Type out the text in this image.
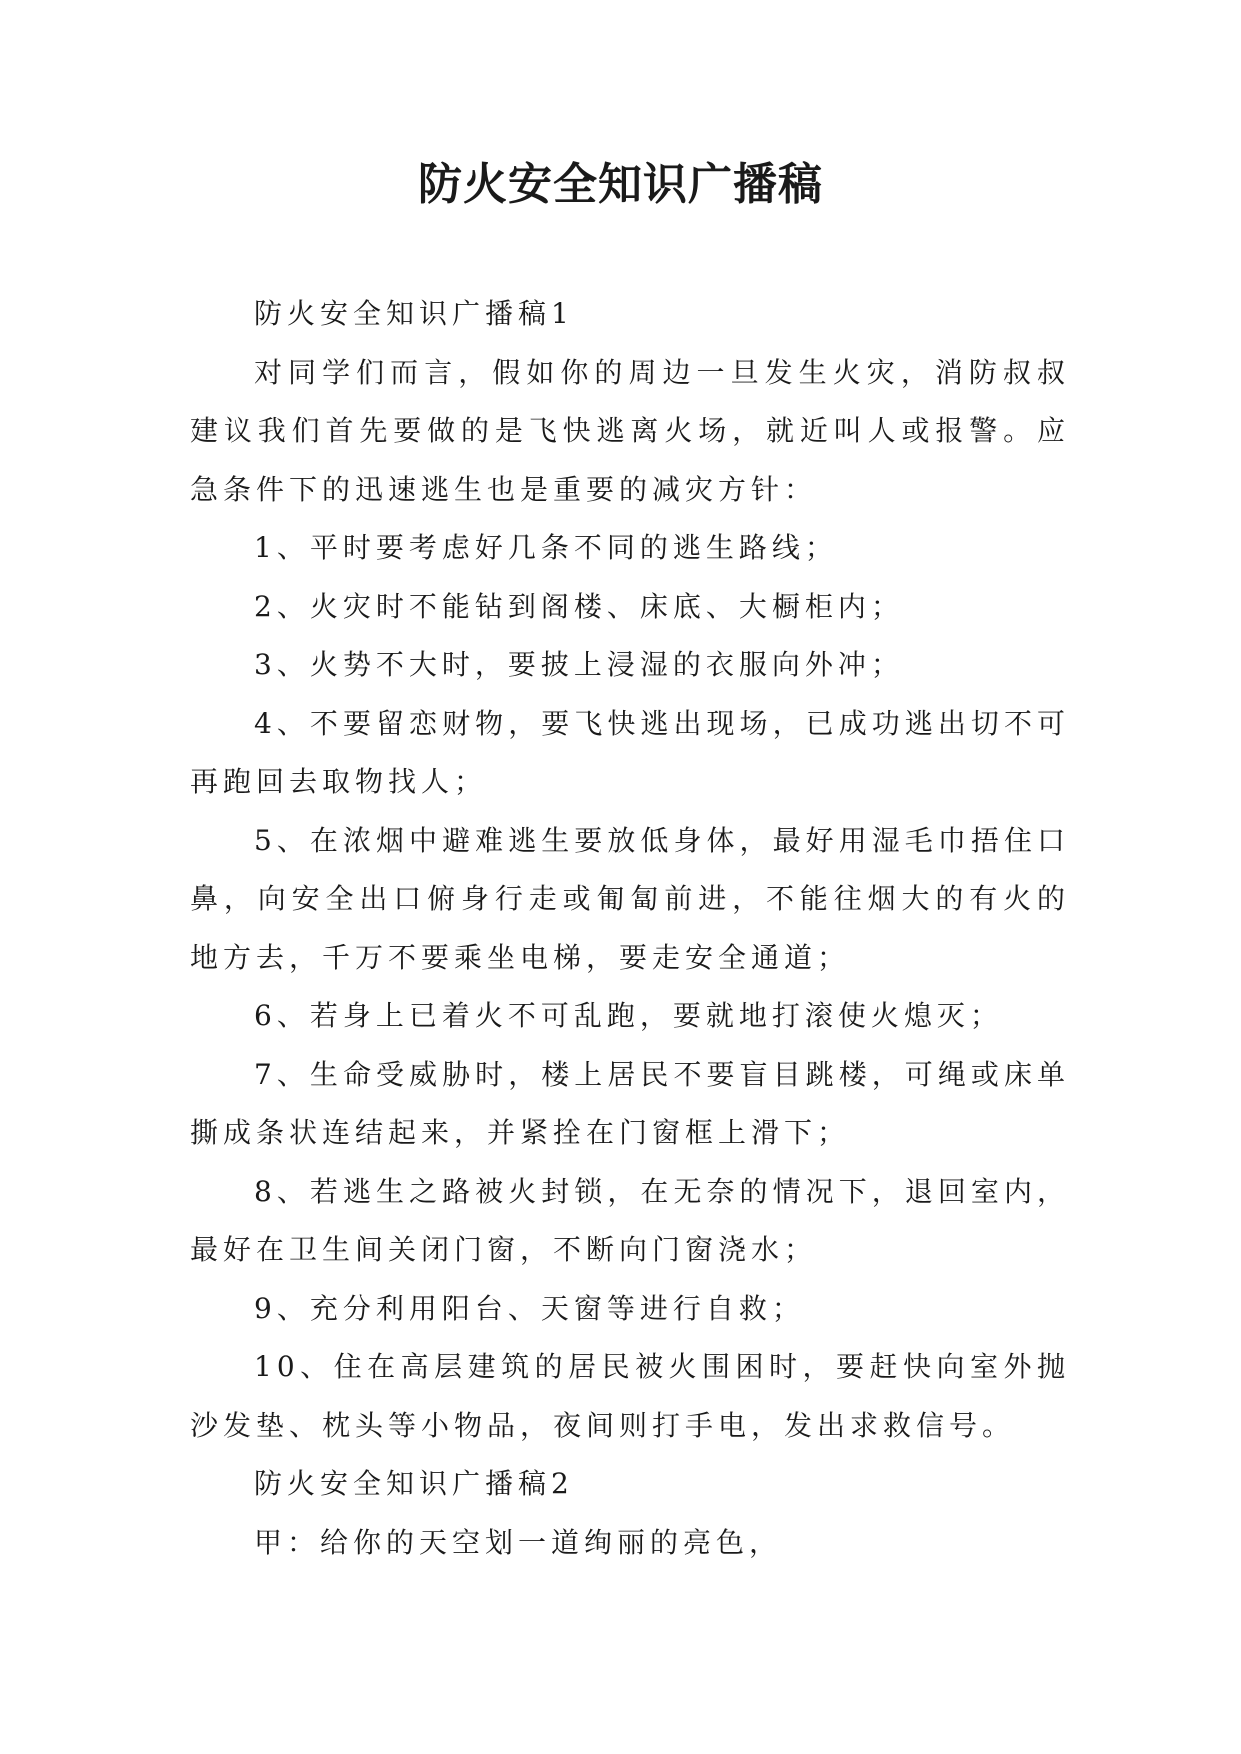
防火安全知识广播稿

防火安全知识广播稿1

对同学们而言，假如你的周边一旦发生火灾，消防叔叔建议我们首先要做的是飞快逃离火场，就近叫人或报警。应急条件下的迅速逃生也是重要的减灾方针：

1、平时要考虑好几条不同的逃生路线；

2、火灾时不能钻到阁楼、床底、大橱柜内；

3、火势不大时，要披上浸湿的衣服向外冲；

4、不要留恋财物，要飞快逃出现场，已成功逃出切不可再跑回去取物找人；

5、在浓烟中避难逃生要放低身体，最好用湿毛巾捂住口鼻，向安全出口俯身行走或匍匐前进，不能往烟大的有火的地方去，千万不要乘坐电梯，要走安全通道；

6、若身上已着火不可乱跑，要就地打滚使火熄灭；

7、生命受威胁时，楼上居民不要盲目跳楼，可绳或床单撕成条状连结起来，并紧拴在门窗框上滑下；

8、若逃生之路被火封锁，在无奈的情况下，退回室内，最好在卫生间关闭门窗，不断向门窗浇水；

9、充分利用阳台、天窗等进行自救；

10、住在高层建筑的居民被火围困时，要赶快向室外抛沙发垫、枕头等小物品，夜间则打手电，发出求救信号。

防火安全知识广播稿2

甲：给你的天空划一道绚丽的亮色，
